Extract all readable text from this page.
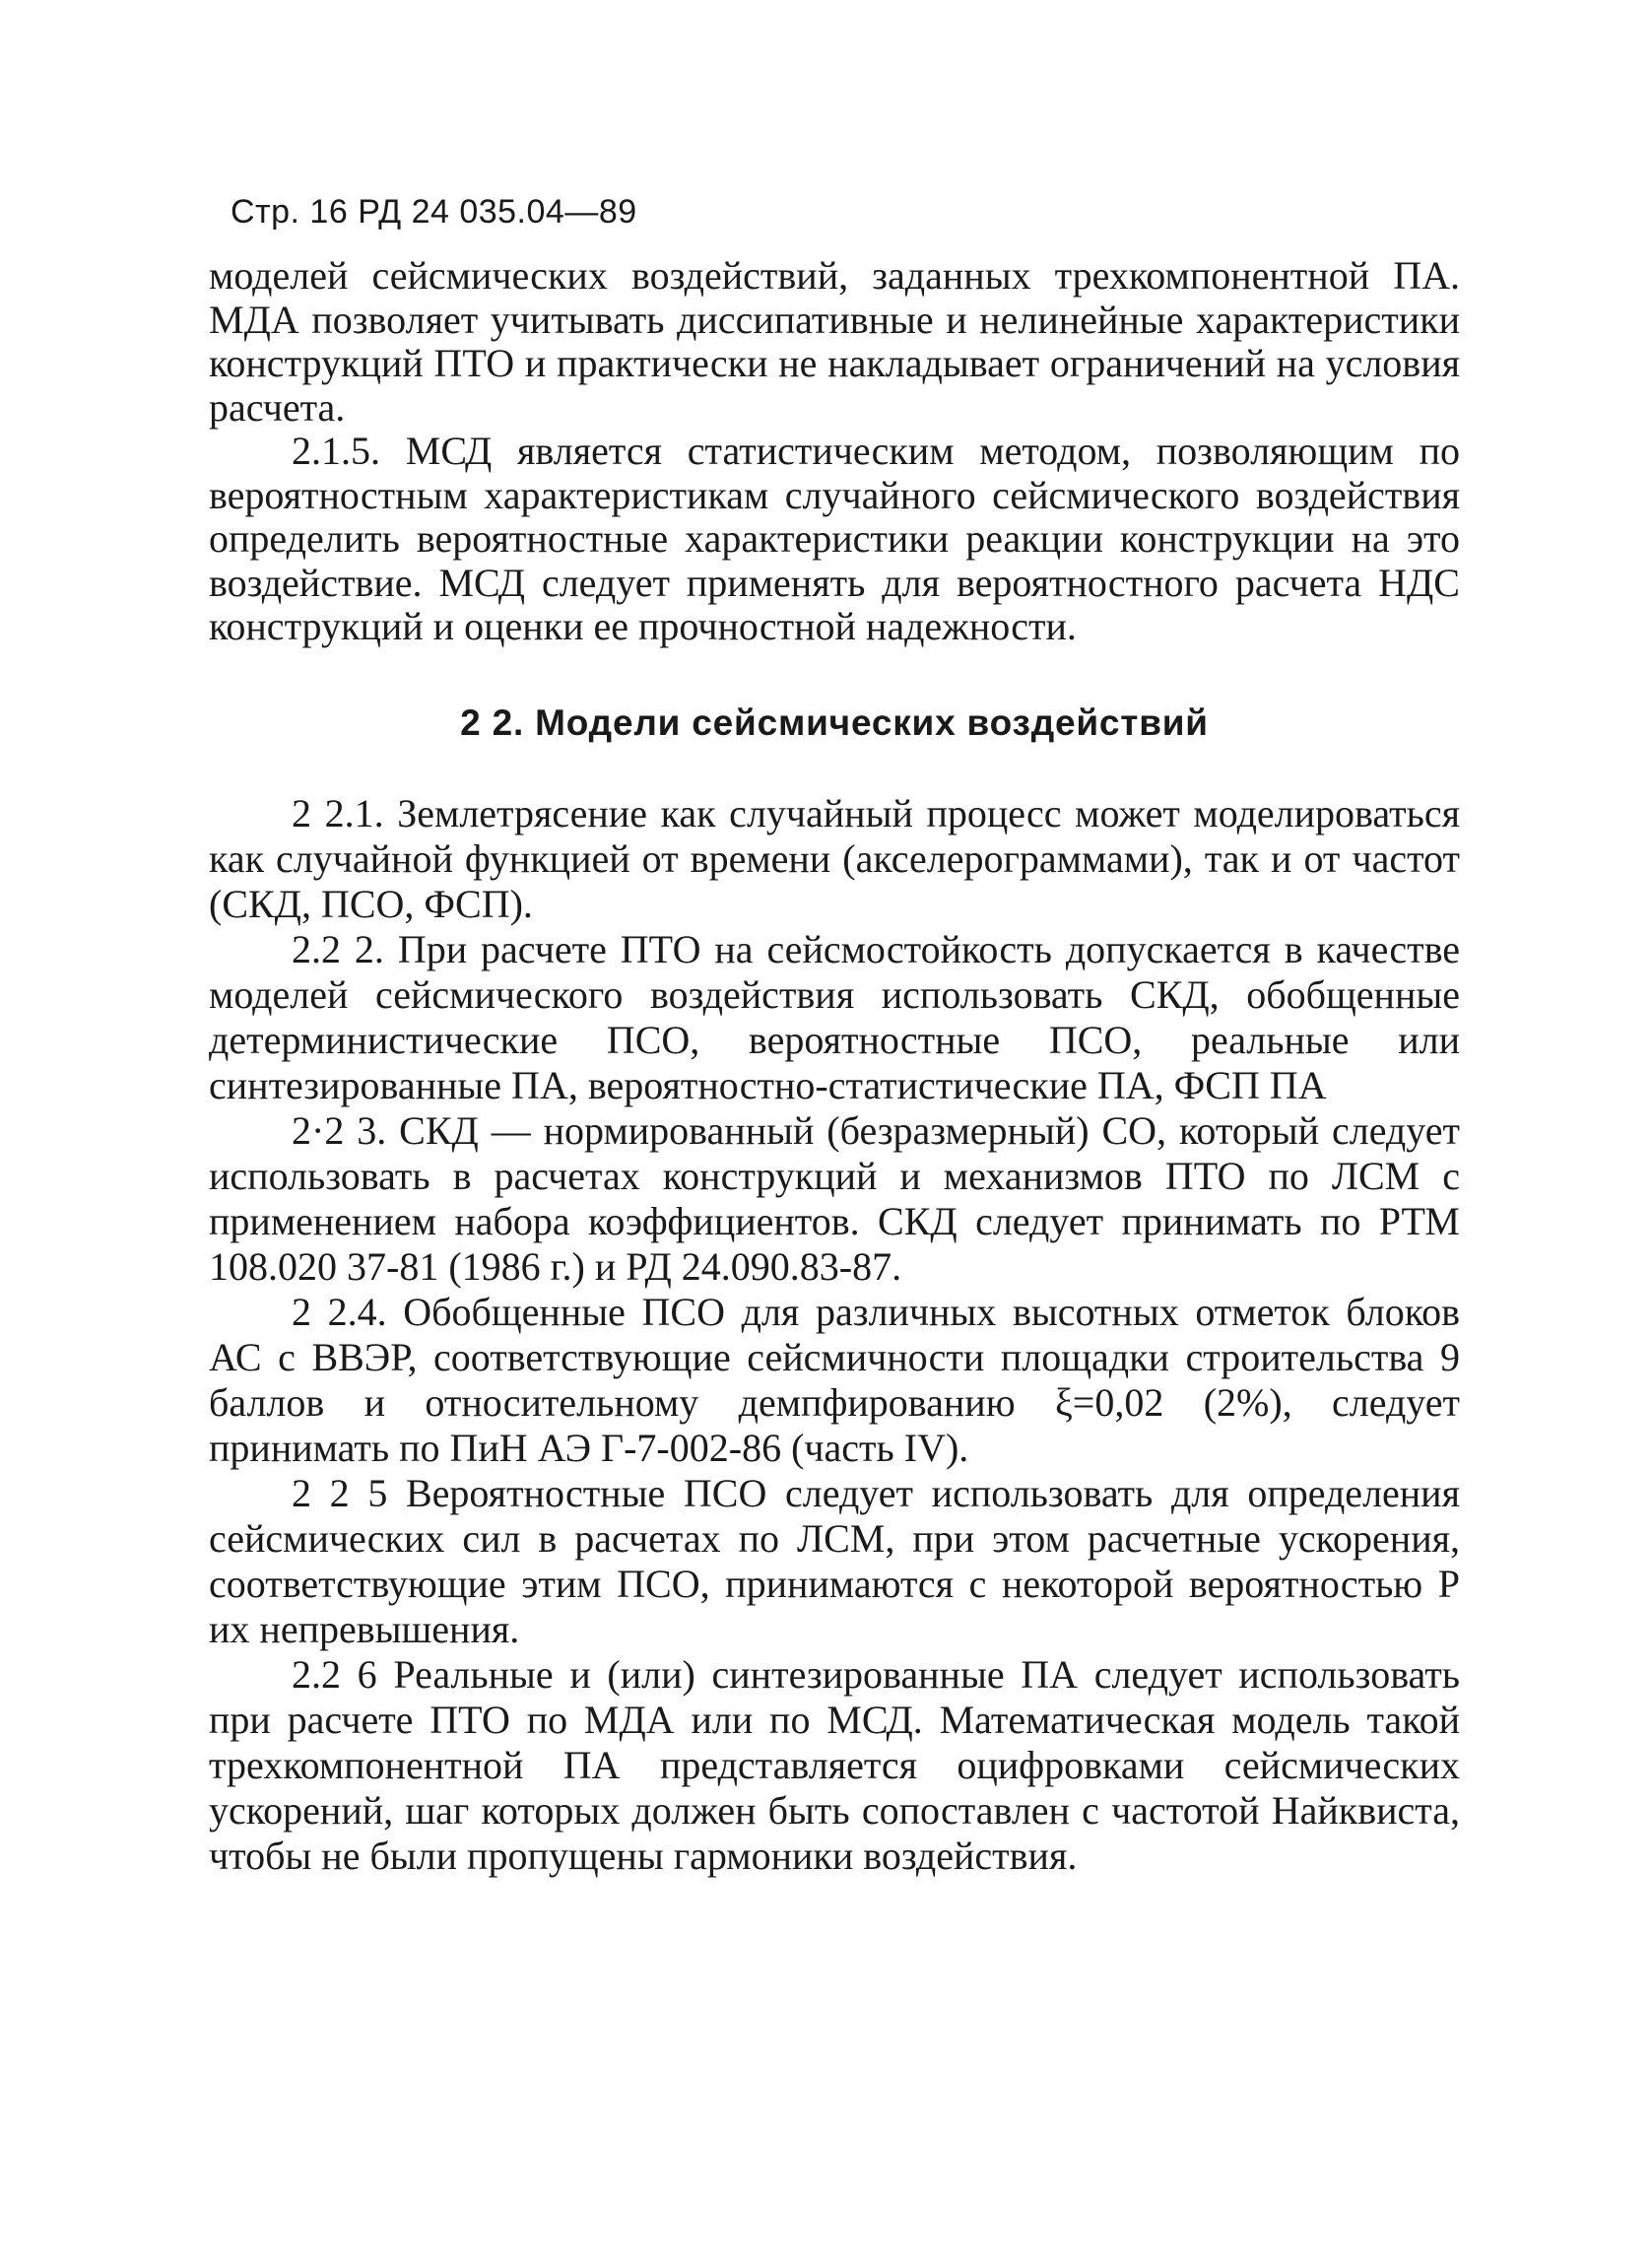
Стр. 16 РД 24 035.04—89

моделей сейсмических воздействий, заданных трехкомпонентной ПА. МДА позволяет учитывать диссипативные и нелинейные характеристики конструкций ПТО и практически не накладывает ограничений на условия расчета.

2.1.5. МСД является статистическим методом, позволяющим по вероятностным характеристикам случайного сейсмического воздействия определить вероятностные характеристики реакции конструкции на это воздействие. МСД следует применять для вероятностного расчета НДС конструкций и оценки ее прочностной надежности.

2 2. Модели сейсмических воздействий

2 2.1. Землетрясение как случайный процесс может моделироваться как случайной функцией от времени (акселерограммами), так и от частот (СКД, ПСО, ФСП).

2.2 2. При расчете ПТО на сейсмостойкость допускается в качестве моделей сейсмического воздействия использовать СКД, обобщенные детерминистические ПСО, вероятностные ПСО, реальные или синтезированные ПА, вероятностно-статистические ПА, ФСП ПА

2·2 3. СКД — нормированный (безразмерный) СО, который следует использовать в расчетах конструкций и механизмов ПТО по ЛСМ с применением набора коэффициентов. СКД следует принимать по РТМ 108.020 37-81 (1986 г.) и РД 24.090.83-87.

2 2.4. Обобщенные ПСО для различных высотных отметок блоков АС с ВВЭР, соответствующие сейсмичности площадки строительства 9 баллов и относительному демпфированию ξ=0,02 (2%), следует принимать по ПиН АЭ Г-7-002-86 (часть IV).

2 2 5 Вероятностные ПСО следует использовать для определения сейсмических сил в расчетах по ЛСМ, при этом расчетные ускорения, соответствующие этим ПСО, принимаются с некоторой вероятностью Р их непревышения.

2.2 6 Реальные и (или) синтезированные ПА следует использовать при расчете ПТО по МДА или по МСД. Математическая модель такой трехкомпонентной ПА представляется оцифровками сейсмических ускорений, шаг которых должен быть сопоставлен с частотой Найквиста, чтобы не были пропущены гармоники воздействия.
